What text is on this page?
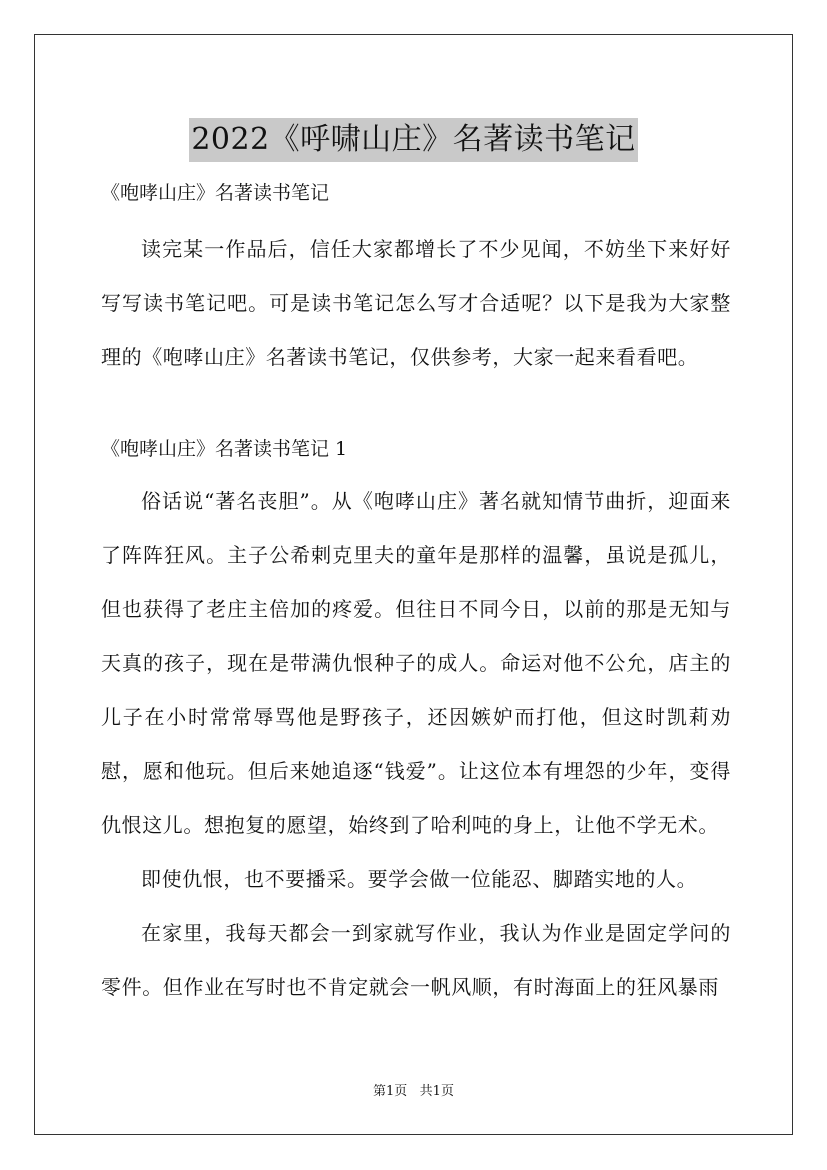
2022《呼啸山庄》名著读书笔记

《咆哮山庄》名著读书笔记

读完某一作品后，信任大家都增长了不少见闻，不妨坐下来好好写写读书笔记吧。可是读书笔记怎么写才合适呢？以下是我为大家整理的《咆哮山庄》名著读书笔记，仅供参考，大家一起来看看吧。

《咆哮山庄》名著读书笔记 1

俗话说“著名丧胆”。从《咆哮山庄》著名就知情节曲折，迎面来了阵阵狂风。主子公希剌克里夫的童年是那样的温馨，虽说是孤儿，但也获得了老庄主倍加的疼爱。但往日不同今日，以前的那是无知与天真的孩子，现在是带满仇恨种子的成人。命运对他不公允，店主的儿子在小时常常辱骂他是野孩子，还因嫉妒而打他，但这时凯莉劝慰，愿和他玩。但后来她追逐“钱爱”。让这位本有埋怨的少年，变得仇恨这儿。想抱复的愿望，始终到了哈利吨的身上，让他不学无术。

即使仇恨，也不要播采。要学会做一位能忍、脚踏实地的人。

在家里，我每天都会一到家就写作业，我认为作业是固定学问的零件。但作业在写时也不肯定就会一帆风顺，有时海面上的狂风暴雨

第1页   共1页
